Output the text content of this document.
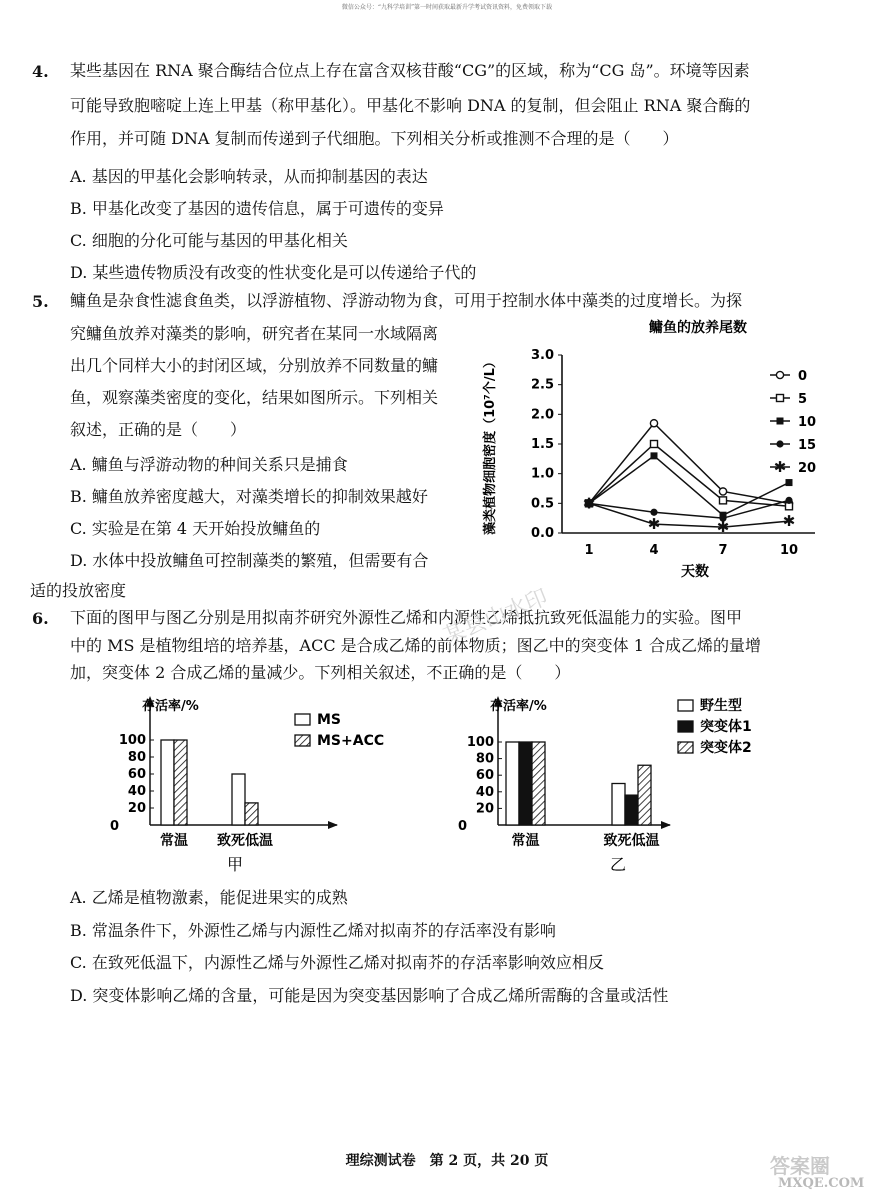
微信公众号：“九科学培训”第一时间获取最新升学考试资讯资料，免费领取下载
4. 某些基因在 RNA 聚合酶结合位点上存在富含双核苷酸“CG”的区域，称为“CG 岛”。环境等因素
可能导致胞嘧啶上连上甲基（称甲基化）。甲基化不影响 DNA 的复制，但会阻止 RNA 聚合酶的
作用，并可随 DNA 复制而传递到子代细胞。下列相关分析或推测不合理的是（　　）
A. 基因的甲基化会影响转录，从而抑制基因的表达
B. 甲基化改变了基因的遗传信息，属于可遗传的变异
C. 细胞的分化可能与基因的甲基化相关
D. 某些遗传物质没有改变的性状变化是可以传递给子代的
5. 鳙鱼是杂食性滤食鱼类，以浮游植物、浮游动物为食，可用于控制水体中藻类的过度增长。为探
究鳙鱼放养对藻类的影响，研究者在某同一水域隔离
出几个同样大小的封闭区域，分别放养不同数量的鳙
鱼，观察藻类密度的变化，结果如图所示。下列相关
叙述，正确的是（　　）
A. 鳙鱼与浮游动物的种间关系只是捕食
B. 鳙鱼放养密度越大，对藻类增长的抑制效果越好
C. 实验是在第 4 天开始投放鳙鱼的
D. 水体中投放鳙鱼可控制藻类的繁殖，但需要有合
适的投放密度
鳙鱼的放养尾数
藻类植物细胞密度（10⁷个/L）
天数
0.0
0.5
1.0
1.5
2.0
2.5
3.0
1	4	7	10
✱
✱	✱	✱
0
5
10
15
✱ 20
6. 下面的图甲与图乙分别是用拟南芥研究外源性乙烯和内源性乙烯抵抗致死低温能力的实验。图甲
中的 MS 是植物组培的培养基，ACC 是合成乙烯的前体物质；图乙中的突变体 1 合成乙烯的量增
加，突变体 2 合成乙烯的量减少。下列相关叙述，不正确的是（　　）
存活率/%
100
80
60
40
20
0
常温 致死低温
MS
MS+ACC
甲
存活率/%
100
80
60
40
20
0
常温	致死低温
野生型
突变体1
突变体2
乙
A. 乙烯是植物激素，能促进果实的成熟
B. 常温条件下，外源性乙烯与内源性乙烯对拟南芥的存活率没有影响
C. 在致死低温下，内源性乙烯与外源性乙烯对拟南芥的存活率影响效应相反
D. 突变体影响乙烯的含量，可能是因为突变基因影响了合成乙烯所需酶的含量或活性
某县山水印
答案圈
MXQE.COM
理综测试卷　第 2 页，共 20 页
